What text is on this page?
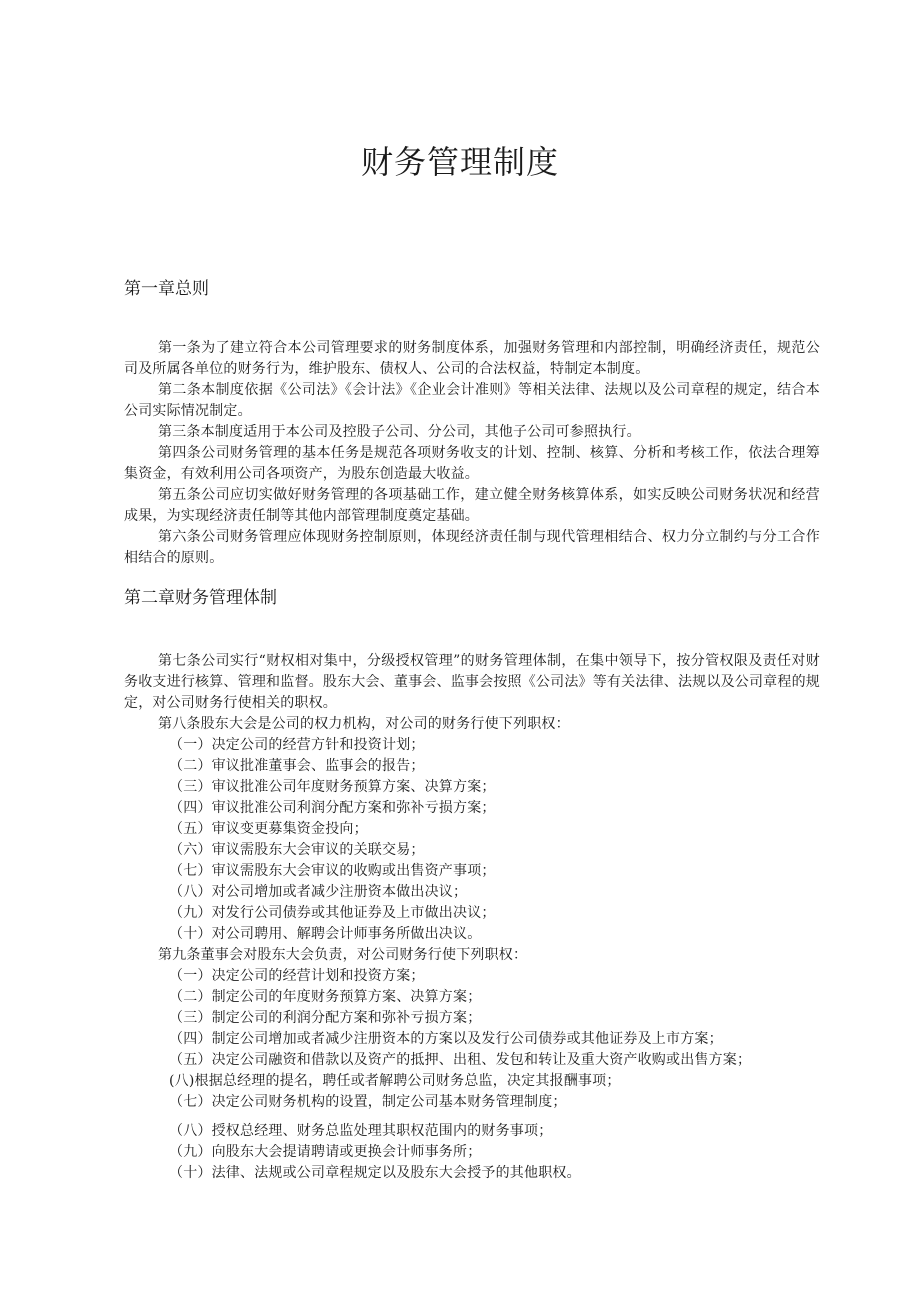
财务管理制度
第一章总则

第一条为了建立符合本公司管理要求的财务制度体系，加强财务管理和内部控制，明确经济责任，规范公司及所属各单位的财务行为，维护股东、债权人、公司的合法权益，特制定本制度。

第二条本制度依据《公司法》《会计法》《企业会计准则》等相关法律、法规以及公司章程的规定，结合本公司实际情况制定。

第三条本制度适用于本公司及控股子公司、分公司，其他子公司可参照执行。

第四条公司财务管理的基本任务是规范各项财务收支的计划、控制、核算、分析和考核工作，依法合理筹集资金，有效利用公司各项资产，为股东创造最大收益。

第五条公司应切实做好财务管理的各项基础工作，建立健全财务核算体系，如实反映公司财务状况和经营成果，为实现经济责任制等其他内部管理制度奠定基础。

第六条公司财务管理应体现财务控制原则，体现经济责任制与现代管理相结合、权力分立制约与分工合作相结合的原则。

第二章财务管理体制

第七条公司实行“财权相对集中，分级授权管理”的财务管理体制，在集中领导下，按分管权限及责任对财务收支进行核算、管理和监督。股东大会、董事会、监事会按照《公司法》等有关法律、法规以及公司章程的规定，对公司财务行使相关的职权。

第八条股东大会是公司的权力机构，对公司的财务行使下列职权：

（一）决定公司的经营方针和投资计划；

（二）审议批准董事会、监事会的报告；

（三）审议批准公司年度财务预算方案、决算方案；

（四）审议批准公司利润分配方案和弥补亏损方案；

（五）审议变更募集资金投向；

（六）审议需股东大会审议的关联交易；

（七）审议需股东大会审议的收购或出售资产事项；

（八）对公司增加或者减少注册资本做出决议；

（九）对发行公司债券或其他证券及上市做出决议；

（十）对公司聘用、解聘会计师事务所做出决议。

第九条董事会对股东大会负责，对公司财务行使下列职权：

（一）决定公司的经营计划和投资方案；

（二）制定公司的年度财务预算方案、决算方案；

（三）制定公司的利润分配方案和弥补亏损方案；

（四）制定公司增加或者减少注册资本的方案以及发行公司债券或其他证券及上市方案；

（五）决定公司融资和借款以及资产的抵押、出租、发包和转让及重大资产收购或出售方案；

(八)根据总经理的提名，聘任或者解聘公司财务总监，决定其报酬事项；

（七）决定公司财务机构的设置，制定公司基本财务管理制度；

（八）授权总经理、财务总监处理其职权范围内的财务事项；

（九）向股东大会提请聘请或更换会计师事务所；

（十）法律、法规或公司章程规定以及股东大会授予的其他职权。
